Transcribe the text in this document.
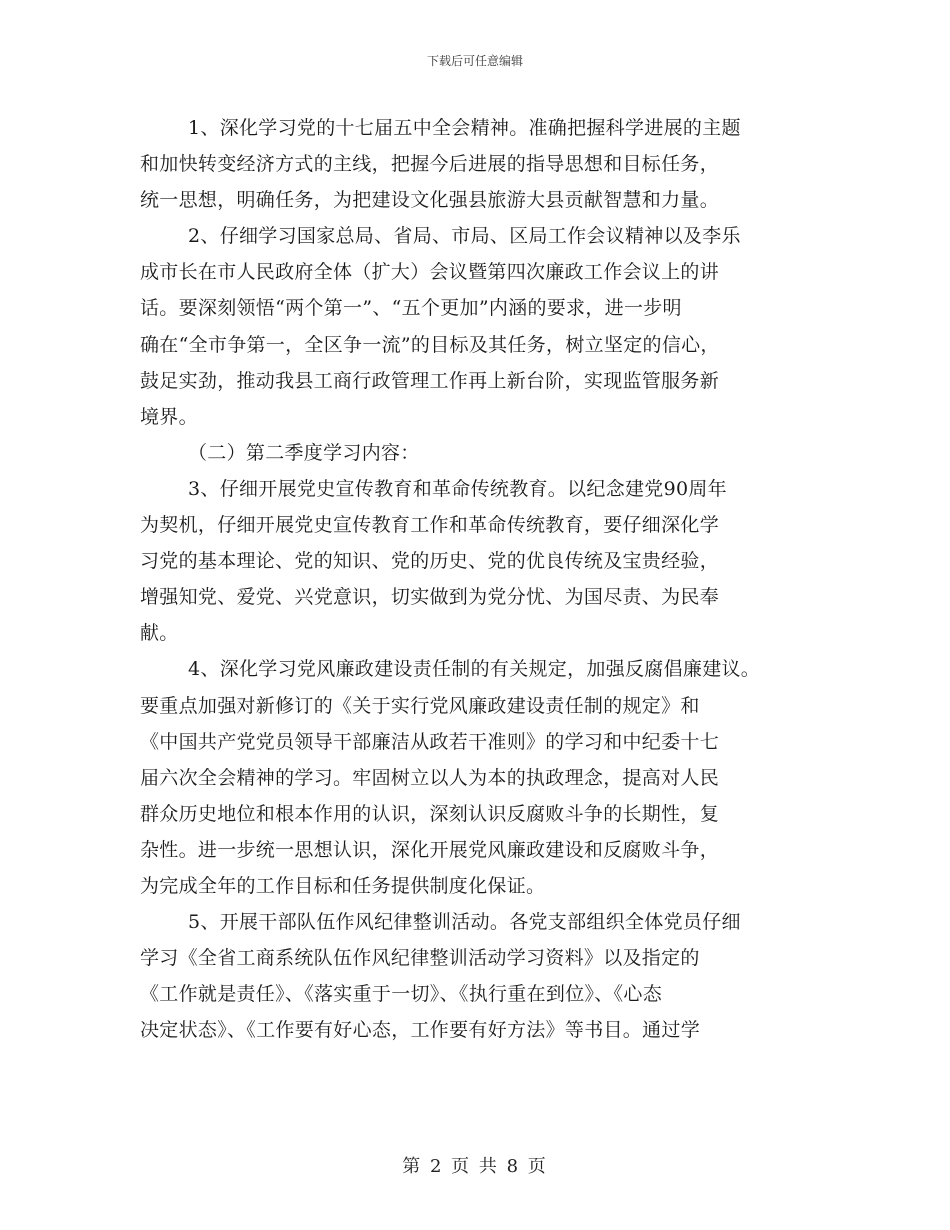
下载后可任意编辑
1、深化学习党的十七届五中全会精神。准确把握科学进展的主题
和加快转变经济方式的主线，把握今后进展的指导思想和目标任务，
统一思想，明确任务，为把建设文化强县旅游大县贡献智慧和力量。
2、仔细学习国家总局、省局、市局、区局工作会议精神以及李乐
成市长在市人民政府全体（扩大）会议暨第四次廉政工作会议上的讲
话。要深刻领悟“两个第一”、“五个更加”内涵的要求，进一步明
确在“全市争第一，全区争一流”的目标及其任务，树立坚定的信心，
鼓足实劲，推动我县工商行政管理工作再上新台阶，实现监管服务新
境界。
（二）第二季度学习内容：
3、仔细开展党史宣传教育和革命传统教育。以纪念建党90周年
为契机，仔细开展党史宣传教育工作和革命传统教育，要仔细深化学
习党的基本理论、党的知识、党的历史、党的优良传统及宝贵经验，
增强知党、爱党、兴党意识，切实做到为党分忧、为国尽责、为民奉
献。
4、深化学习党风廉政建设责任制的有关规定，加强反腐倡廉建议。
要重点加强对新修订的《关于实行党风廉政建设责任制的规定》和
《中国共产党党员领导干部廉洁从政若干准则》的学习和中纪委十七
届六次全会精神的学习。牢固树立以人为本的执政理念，提高对人民
群众历史地位和根本作用的认识，深刻认识反腐败斗争的长期性，复
杂性。进一步统一思想认识，深化开展党风廉政建设和反腐败斗争，
为完成全年的工作目标和任务提供制度化保证。
5、开展干部队伍作风纪律整训活动。各党支部组织全体党员仔细
学习《全省工商系统队伍作风纪律整训活动学习资料》以及指定的
《工作就是责任》、《落实重于一切》、《执行重在到位》、《心态
决定状态》、《工作要有好心态，工作要有好方法》等书目。通过学
第 2 页 共 8 页
